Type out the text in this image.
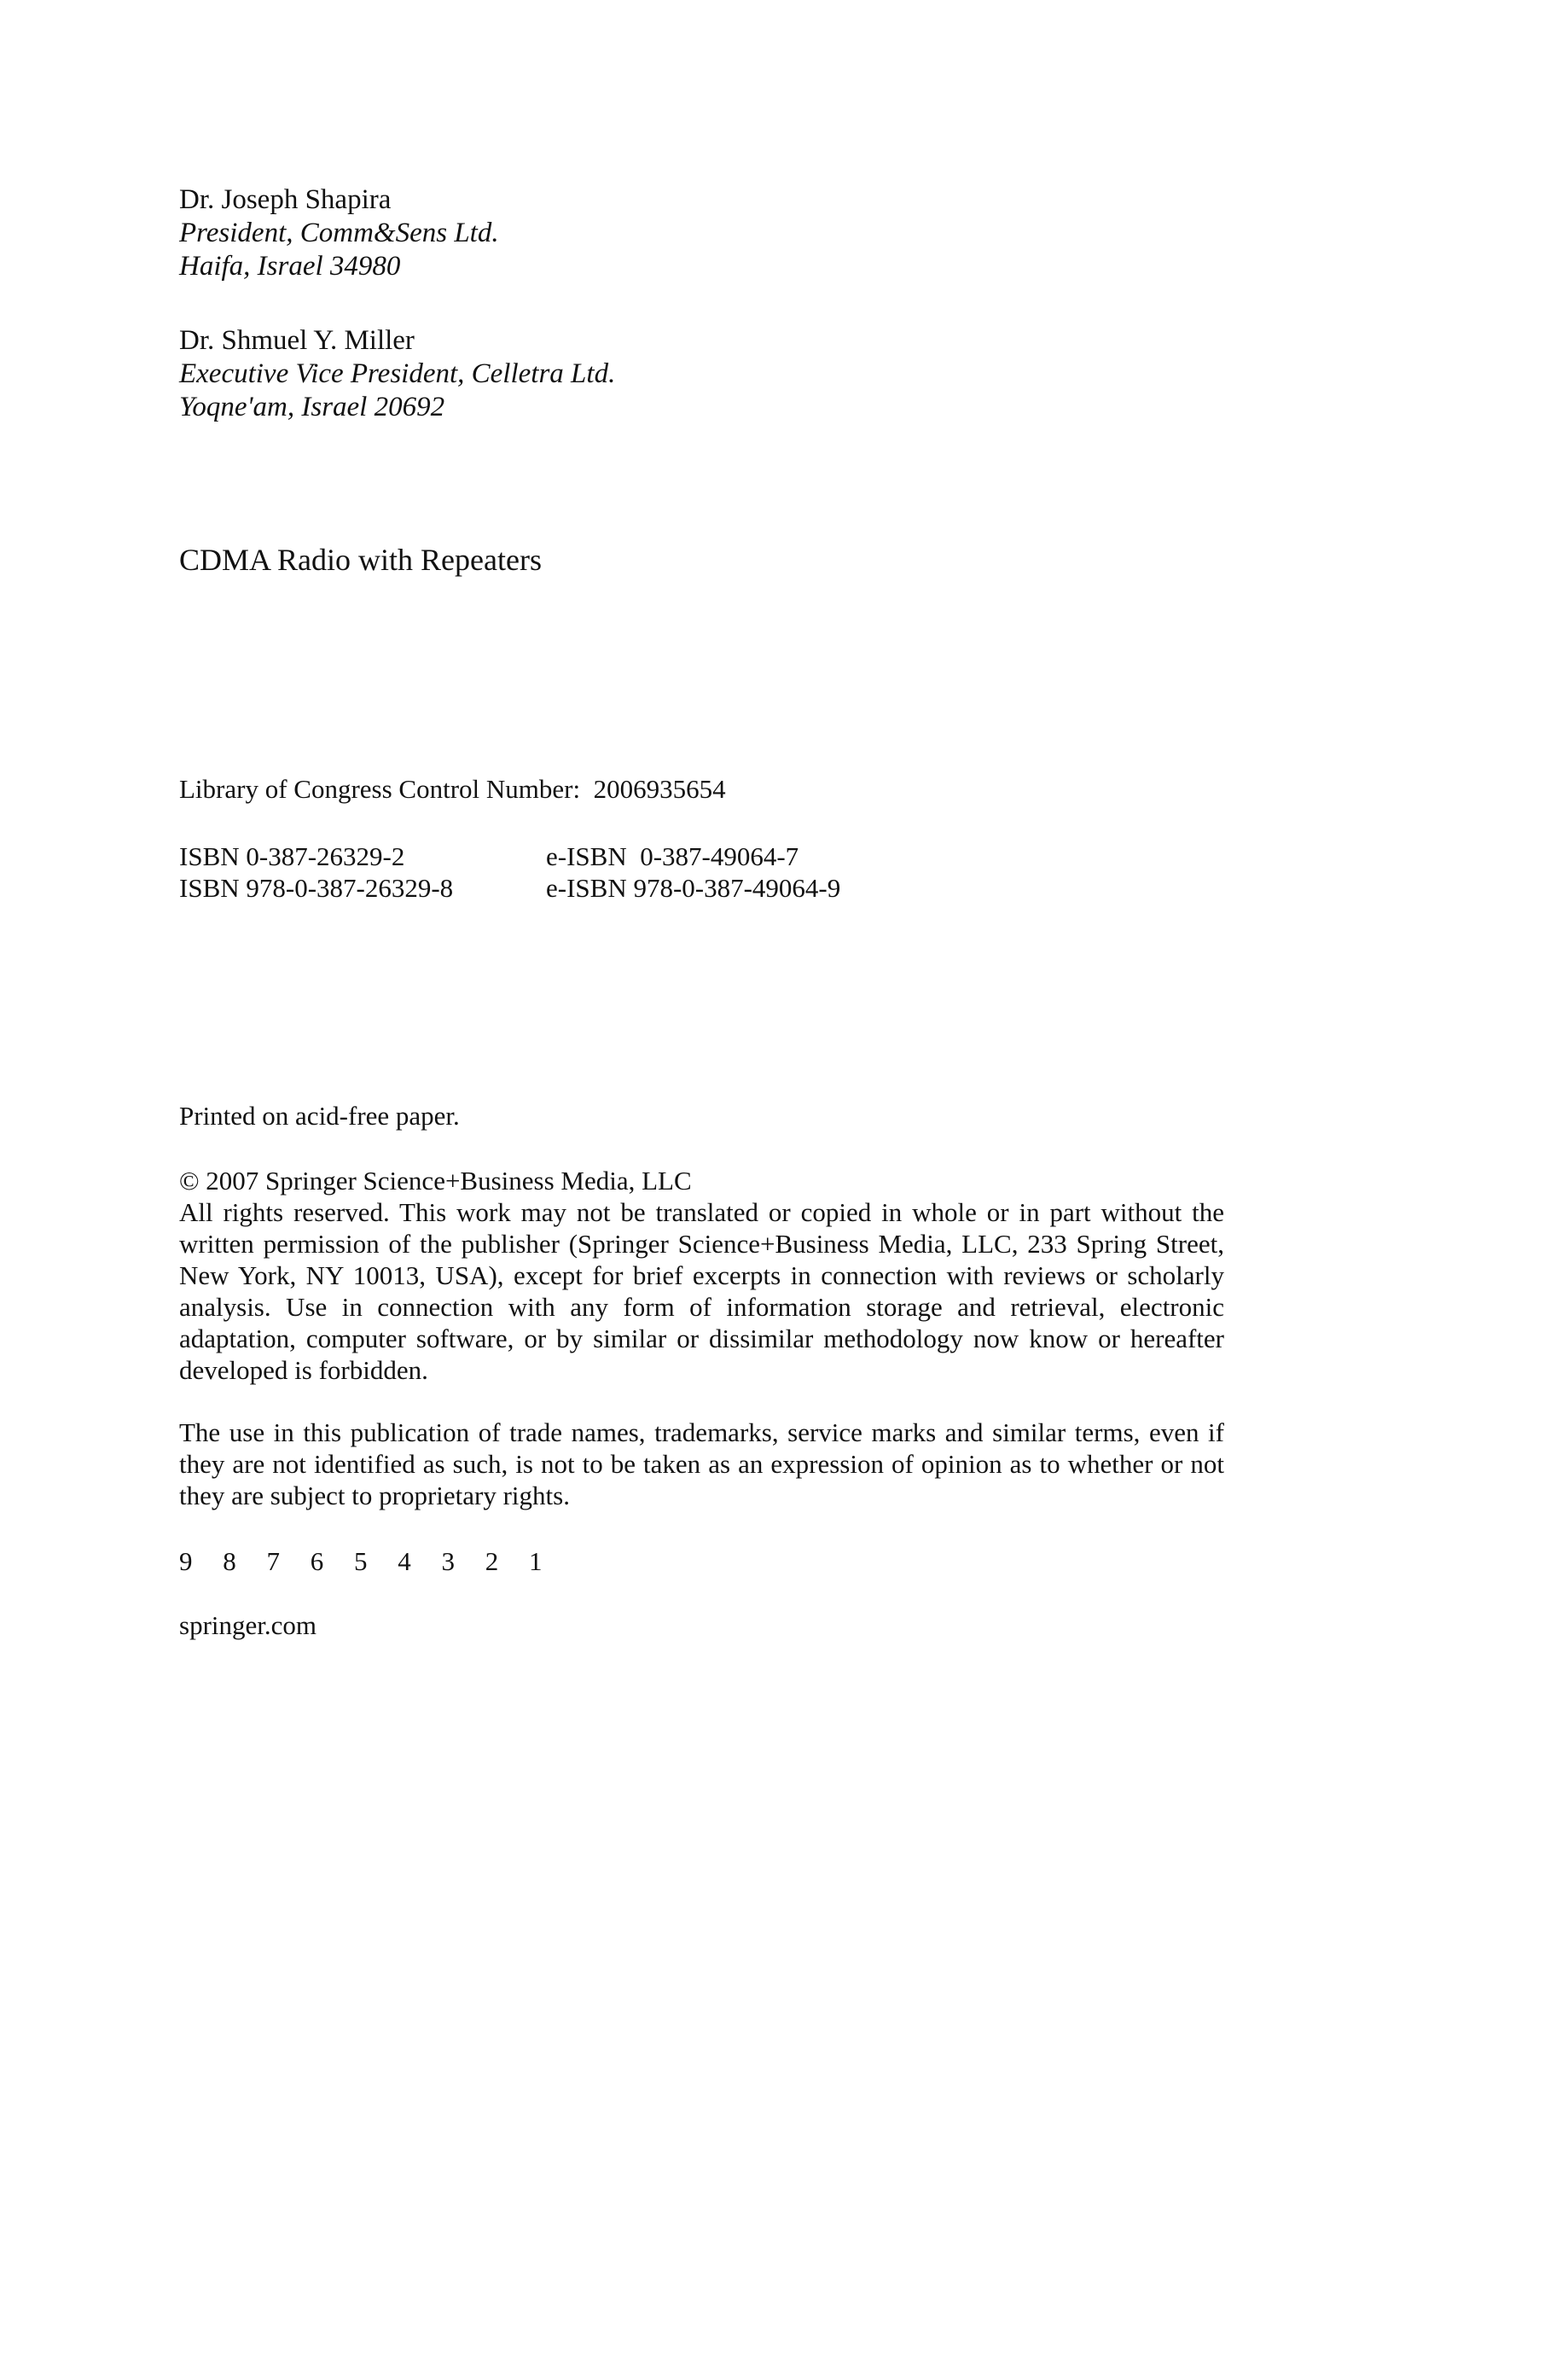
Dr. Joseph Shapira
President, Comm&Sens Ltd.
Haifa, Israel 34980
Dr. Shmuel Y. Miller
Executive Vice President, Celletra Ltd.
Yoqne'am, Israel 20692
CDMA Radio with Repeaters
Library of Congress Control Number:  2006935654
ISBN 0-387-26329-2	e-ISBN  0-387-49064-7
ISBN 978-0-387-26329-8	e-ISBN 978-0-387-49064-9
Printed on acid-free paper.
© 2007 Springer Science+Business Media, LLC
All rights reserved. This work may not be translated or copied in whole or in part without the written permission of the publisher (Springer Science+Business Media, LLC, 233 Spring Street, New York, NY 10013, USA), except for brief excerpts in connection with reviews or scholarly analysis. Use in connection with any form of information storage and retrieval, electronic adaptation, computer software, or by similar or dissimilar methodology now know or hereafter developed is forbidden.
The use in this publication of trade names, trademarks, service marks and similar terms, even if they are not identified as such, is not to be taken as an expression of opinion as to whether or not they are subject to proprietary rights.
9 8 7 6 5 4 3 2 1
springer.com
